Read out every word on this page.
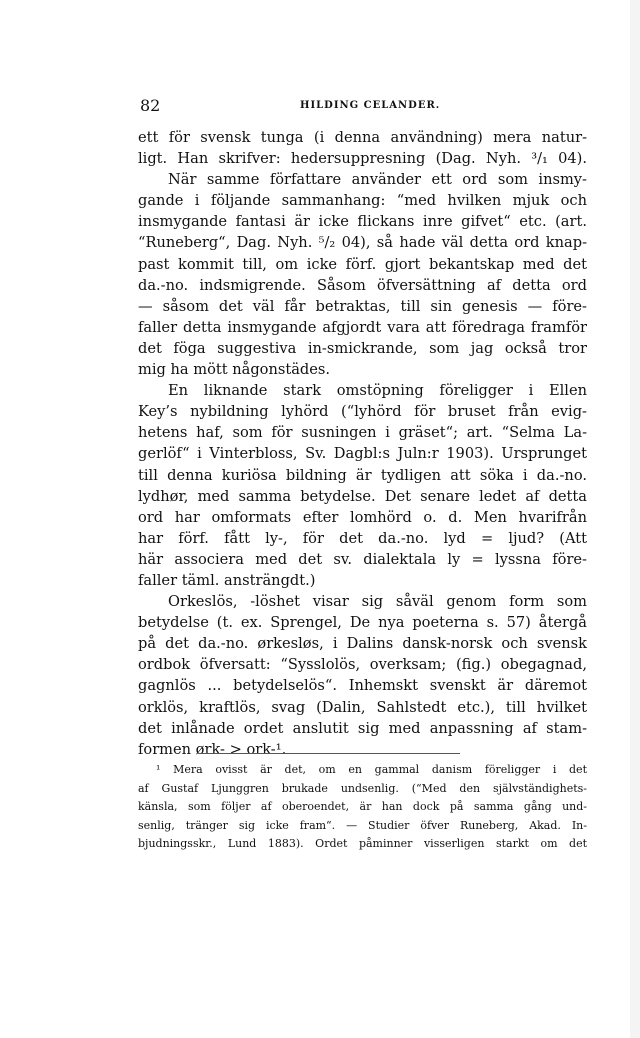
82	HILDING CELANDER.
ett för svensk tunga (i denna användning) mera natur-
ligt. Han skrifver: hedersuppresning (Dag. Nyh. ³/₁ 04).
När samme författare använder ett ord som insmy-
gande i följande sammanhang: “med hvilken mjuk och
insmygande fantasi är icke flickans inre gifvet“ etc. (art.
“Runeberg“, Dag. Nyh. ⁵/₂ 04), så hade väl detta ord knap-
past kommit till, om icke förf. gjort bekantskap med det
da.-no. indsmigrende. Såsom öfversättning af detta ord
— såsom det väl får betraktas, till sin genesis — före-
faller detta insmygande afgjordt vara att föredraga framför
det föga suggestiva in-smickrande, som jag också tror
mig ha mött någonstädes.
En liknande stark omstöpning föreligger i Ellen
Key’s nybildning lyhörd (“lyhörd för bruset från evig-
hetens haf, som för susningen i gräset“; art. “Selma La-
gerlöf“ i Vinterbloss, Sv. Dagbl:s Juln:r 1903). Ursprunget
till denna kuriösa bildning är tydligen att söka i da.-no.
lydhør, med samma betydelse. Det senare ledet af detta
ord har omformats efter lomhörd o. d. Men hvarifrån
har förf. fått ly-, för det da.-no. lyd = ljud? (Att
här associera med det sv. dialektala ly = lyssna före-
faller täml. ansträngdt.)
Orkeslös, -löshet visar sig såväl genom form som
betydelse (t. ex. Sprengel, De nya poeterna s. 57) återgå
på det da.-no. ørkesløs, i Dalins dansk-norsk och svensk
ordbok öfversatt: “Sysslolös, overksam; (fig.) obegagnad,
gagnlös ... betydelselös“. Inhemskt svenskt är däremot
orklös, kraftlös, svag (Dalin, Sahlstedt etc.), till hvilket
det inlånade ordet anslutit sig med anpassning af stam-
formen ørk- > ork-¹.
¹ Mera ovisst är det, om en gammal danism föreligger i det
af Gustaf Ljunggren brukade undsenlig. (“Med den självständighets-
känsla, som följer af oberoendet, är han dock på samma gång und-
senlig, tränger sig icke fram“. — Studier öfver Runeberg, Akad. In-
bjudningsskr., Lund 1883). Ordet påminner visserligen starkt om det
